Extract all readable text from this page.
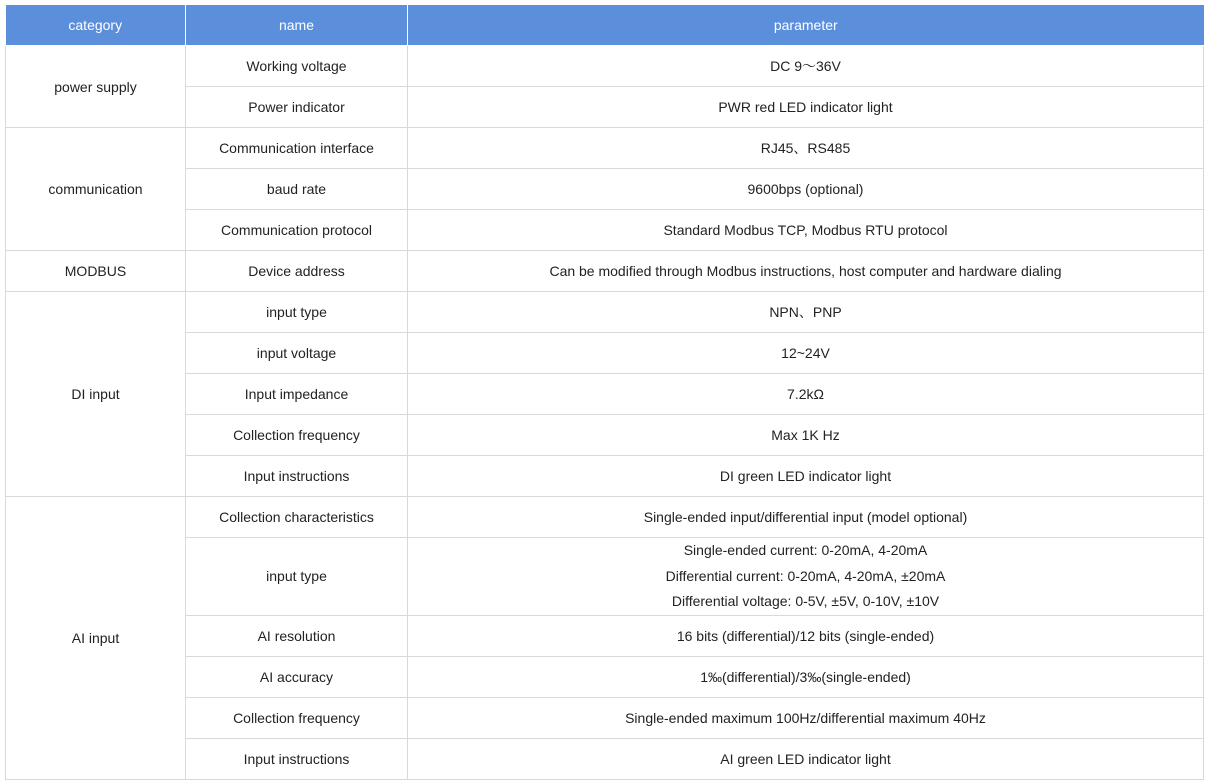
category	name	parameter
power supply	Working voltage	DC 9～36V
	Power indicator	PWR red LED indicator light
communication	Communication interface	RJ45、RS485
	baud rate	9600bps (optional)
	Communication protocol	Standard Modbus TCP, Modbus RTU protocol
MODBUS	Device address	Can be modified through Modbus instructions, host computer and hardware dialing
DI input	input type	NPN、PNP
	input voltage	12~24V
	Input impedance	7.2kΩ
	Collection frequency	Max 1K Hz
	Input instructions	DI green LED indicator light
AI input	Collection characteristics	Single-ended input/differential input (model optional)
	input type	Single-ended current: 0-20mA, 4-20mA
Differential current: 0-20mA, 4-20mA, ±20mA
Differential voltage: 0-5V, ±5V, 0-10V, ±10V

	AI resolution	16 bits (differential)/12 bits (single-ended)
	AI accuracy	1‰(differential)/3‰(single-ended)
	Collection frequency	Single-ended maximum 100Hz/differential maximum 40Hz
	Input instructions	AI green LED indicator light
